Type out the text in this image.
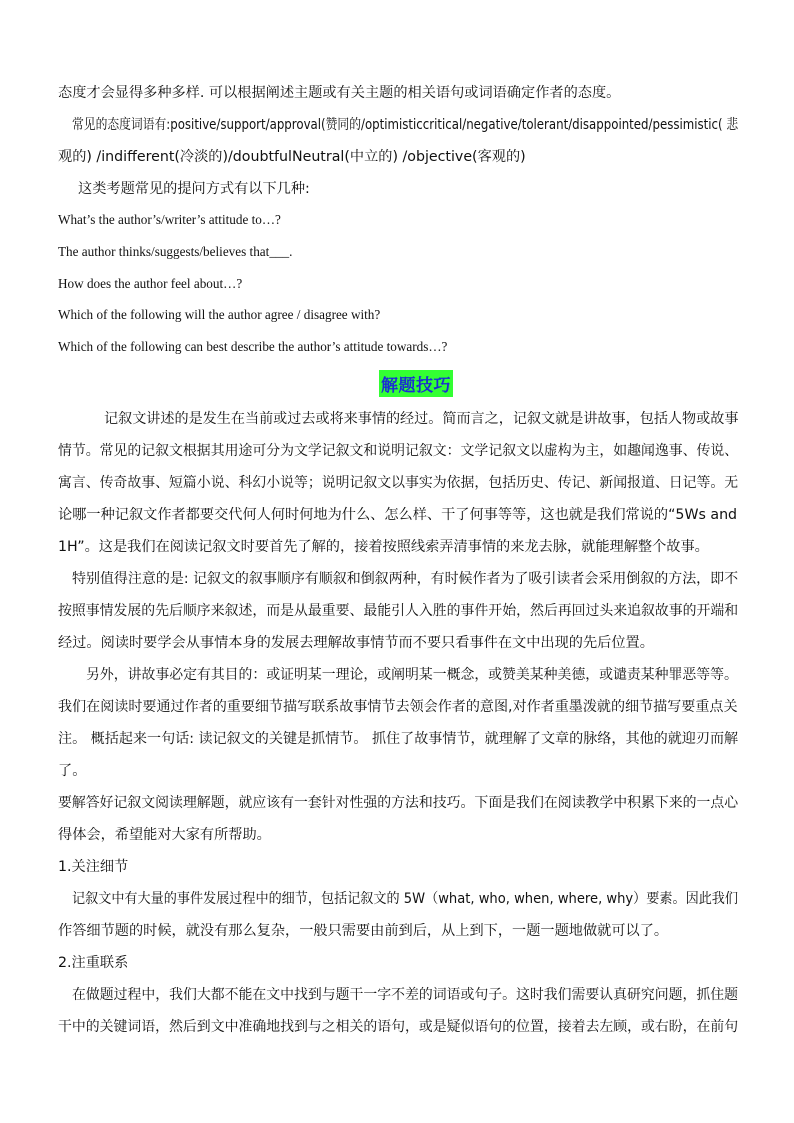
态度才会显得多种多样. 可以根据阐述主题或有关主题的相关语句或词语确定作者的态度。
常见的态度词语有:positive/support/approval(赞同的/optimisticcritical/negative/tolerant/disappointed/pessimistic( 悲
观的) /indifferent(冷淡的)/doubtfulNeutral(中立的) /objective(客观的)
这类考题常见的提问方式有以下几种:
What’s the author’s/writer’s attitude to…?
The author thinks/suggests/believes that___.
How does the author feel about…?
Which of the following will the author agree / disagree with?
Which of the following can best describe the author’s attitude towards…?
解题技巧
记叙文讲述的是发生在当前或过去或将来事情的经过。简而言之，记叙文就是讲故事，包括人物或故事
情节。常见的记叙文根据其用途可分为文学记叙文和说明记叙文：文学记叙文以虚构为主，如趣闻逸事、传说、
寓言、传奇故事、短篇小说、科幻小说等；说明记叙文以事实为依据，包括历史、传记、新闻报道、日记等。无
论哪一种记叙文作者都要交代何人何时何地为什么、怎么样、干了何事等等，这也就是我们常说的“5Ws and
1H”。这是我们在阅读记叙文时要首先了解的，接着按照线索弄清事情的来龙去脉，就能理解整个故事。
特别值得注意的是: 记叙文的叙事顺序有顺叙和倒叙两种，有时候作者为了吸引读者会采用倒叙的方法，即不
按照事情发展的先后顺序来叙述，而是从最重要、最能引人入胜的事件开始，然后再回过头来追叙故事的开端和
经过。阅读时要学会从事情本身的发展去理解故事情节而不要只看事件在文中出现的先后位置。
另外，讲故事必定有其目的：或证明某一理论，或阐明某一概念，或赞美某种美德，或谴责某种罪恶等等。
我们在阅读时要通过作者的重要细节描写联系故事情节去领会作者的意图,对作者重墨泼就的细节描写要重点关
注。 概括起来一句话: 读记叙文的关键是抓情节。 抓住了故事情节，就理解了文章的脉络，其他的就迎刃而解
了。
要解答好记叙文阅读理解题，就应该有一套针对性强的方法和技巧。下面是我们在阅读教学中积累下来的一点心
得体会，希望能对大家有所帮助。
1.关注细节
记叙文中有大量的事件发展过程中的细节，包括记叙文的 5W（what, who, when, where, why）要素。因此我们
作答细节题的时候，就没有那么复杂，一般只需要由前到后，从上到下，一题一题地做就可以了。
2.注重联系
在做题过程中，我们大都不能在文中找到与题干一字不差的词语或句子。这时我们需要认真研究问题，抓住题
干中的关键词语，然后到文中准确地找到与之相关的语句，或是疑似语句的位置，接着去左顾，或右盼，在前句
